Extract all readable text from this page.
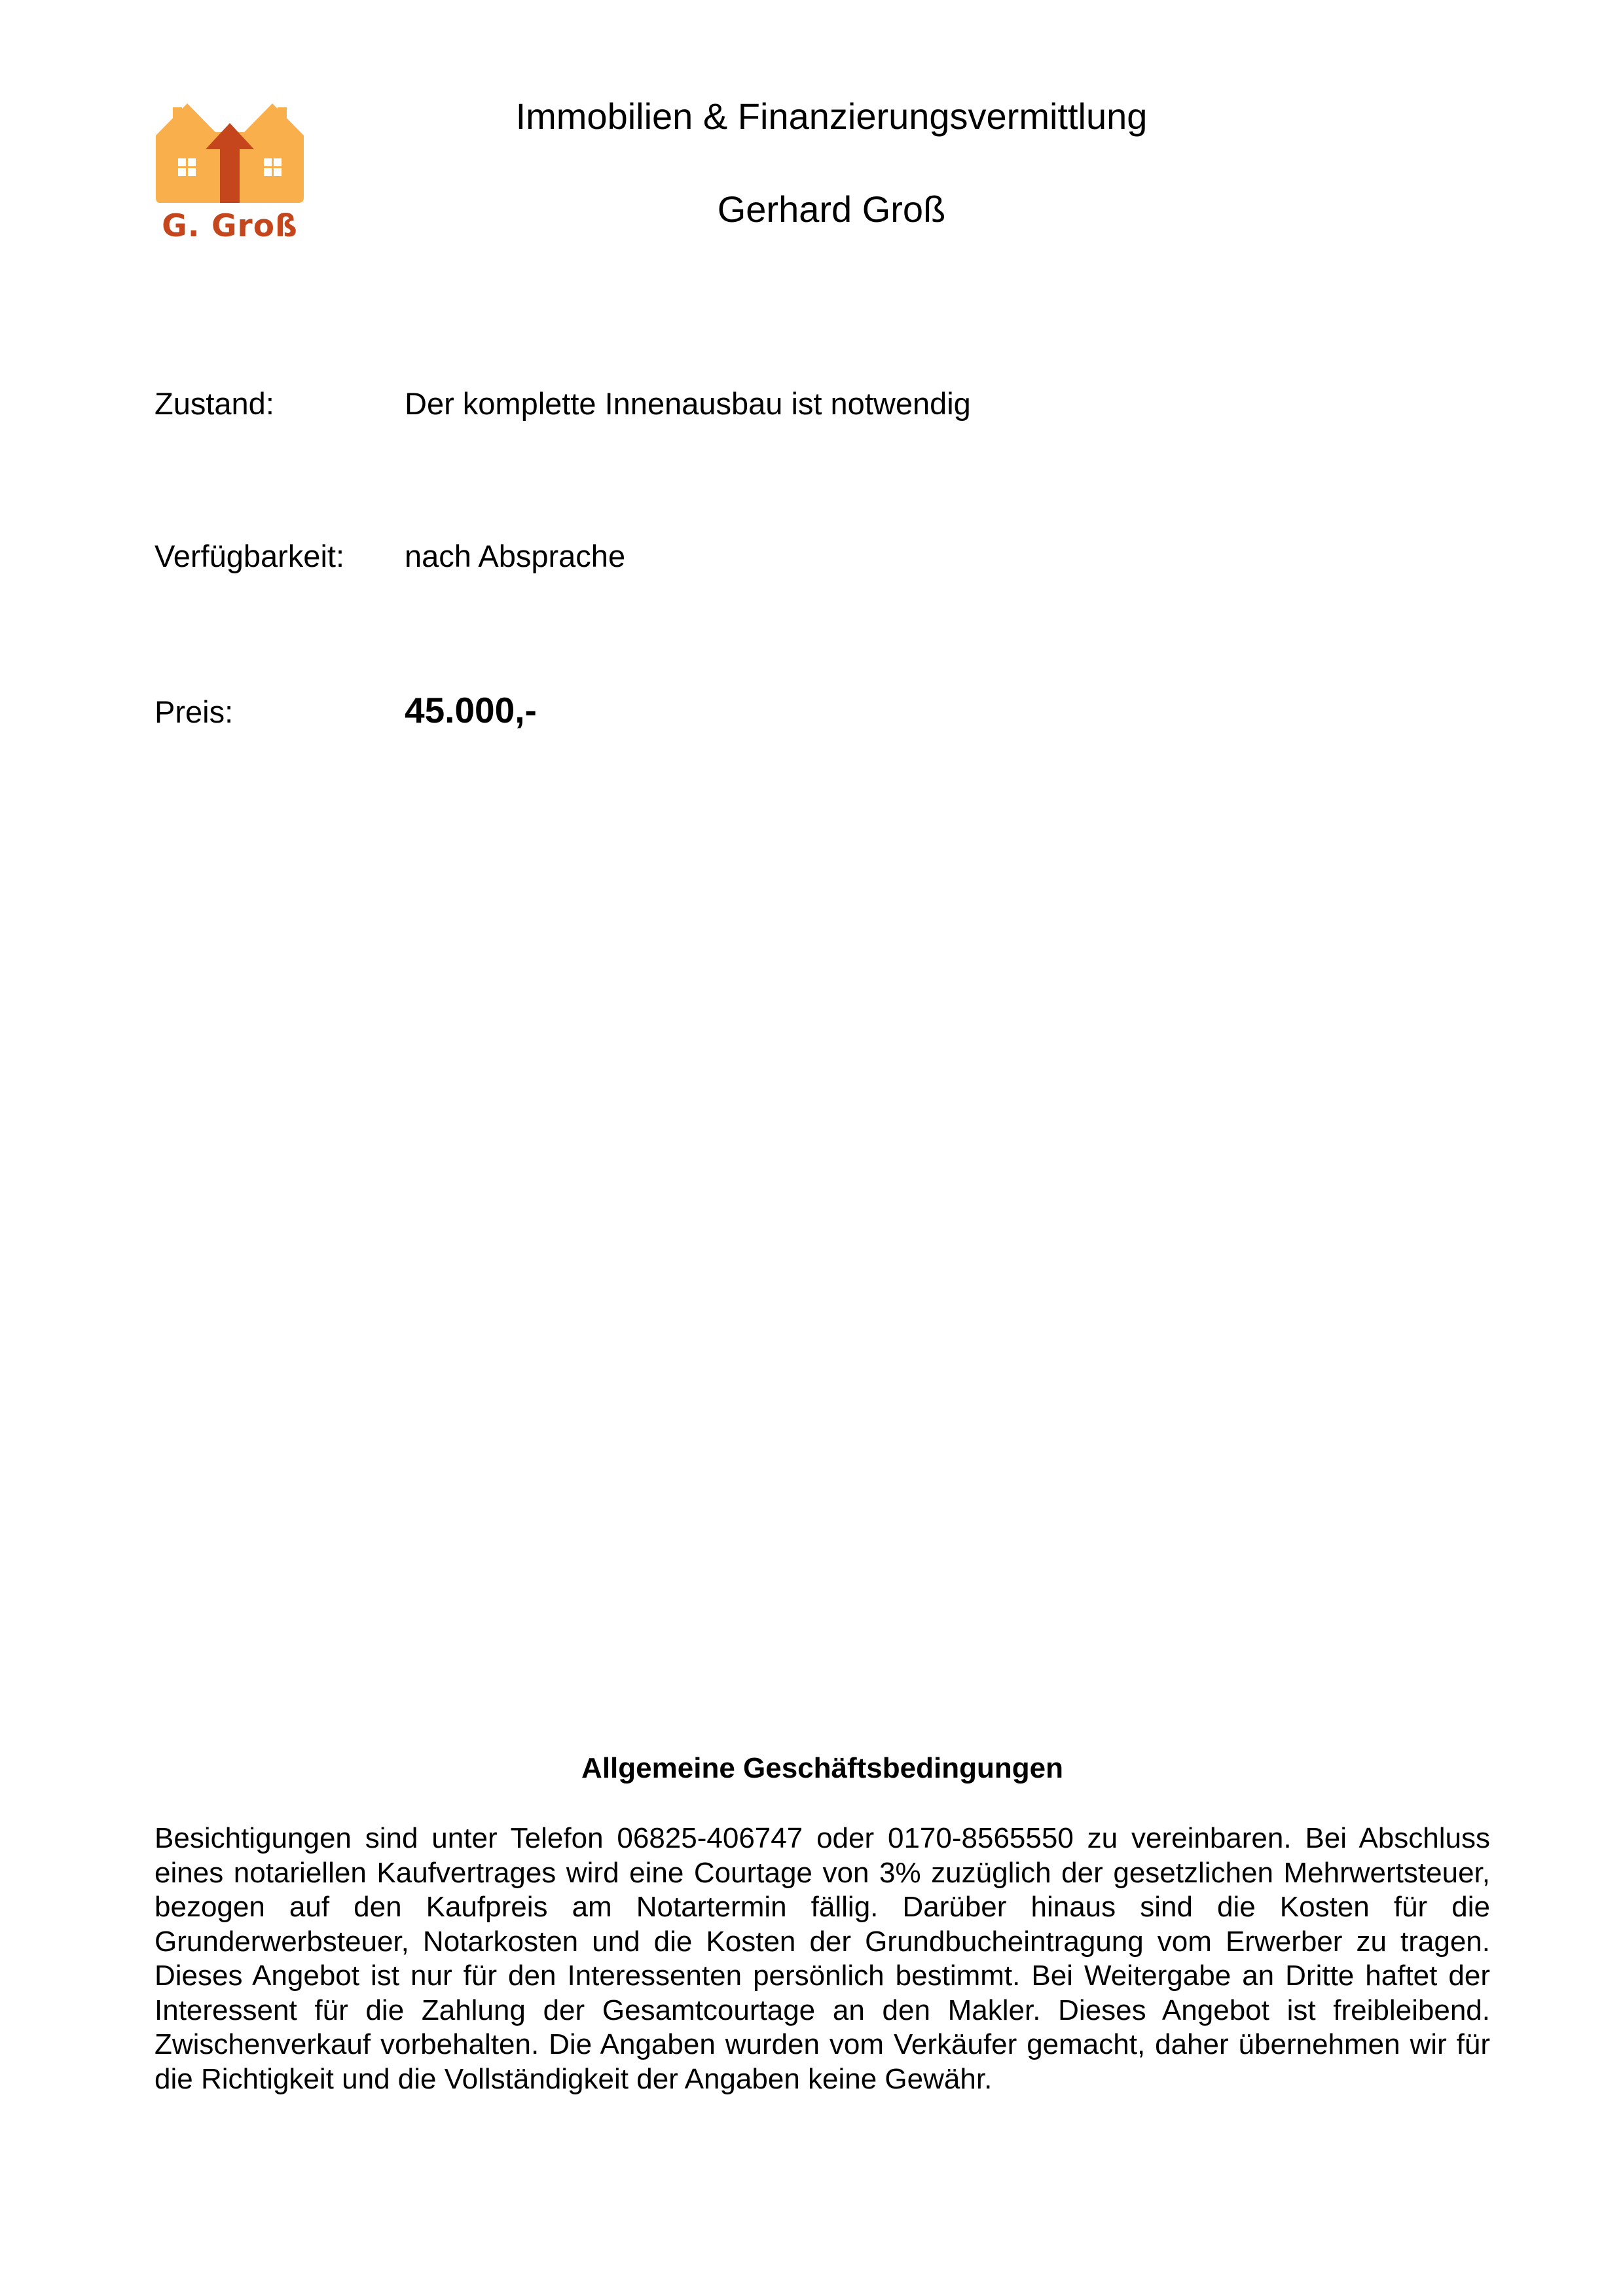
G. Groß
Immobilien & Finanzierungsvermittlung
Gerhard Groß
Zustand:	Der komplette Innenausbau ist notwendig
Verfügbarkeit: nach Absprache
Preis:	45.000,-
Allgemeine Geschäftsbedingungen

Besichtigungen sind unter Telefon 06825-406747 oder 0170-8565550 zu vereinbaren. Bei Abschluss eines notariellen Kaufvertrages wird eine Courtage von 3% zuzüglich der gesetzlichen Mehrwertsteuer, bezogen auf den Kaufpreis am Notartermin fällig. Darüber hinaus sind die Kosten für die Grunderwerbsteuer, Notarkosten und die Kosten der Grundbucheintragung vom Erwerber zu tragen. Dieses Angebot ist nur für den Interessenten persönlich bestimmt. Bei Weitergabe an Dritte haftet der Interessent für die Zahlung der Gesamtcourtage an den Makler. Dieses Angebot ist freibleibend. Zwischenverkauf vorbehalten. Die Angaben wurden vom Verkäufer gemacht, daher übernehmen wir für die Richtigkeit und die Vollständigkeit der Angaben keine Gewähr.
